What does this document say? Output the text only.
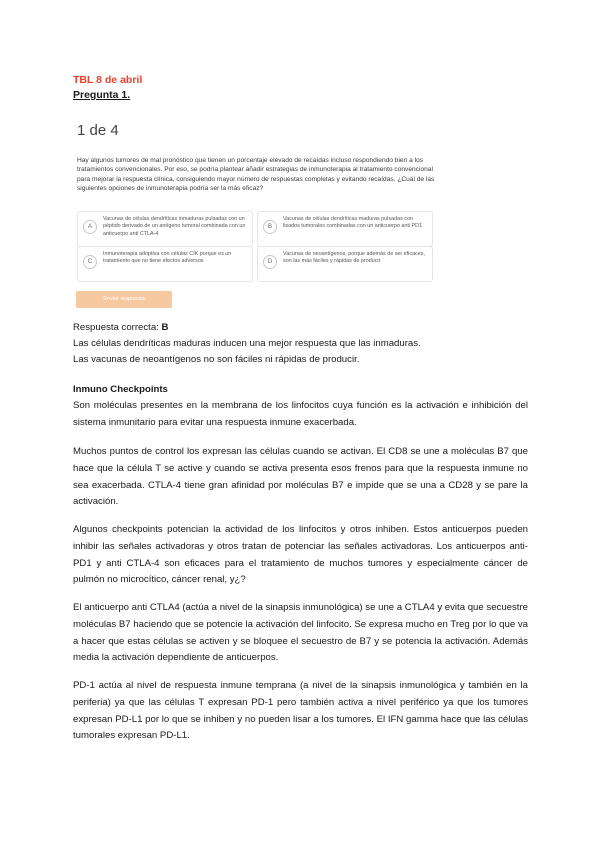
TBL 8 de abril
Pregunta 1.
1 de 4
Hay algunos tumores de mal pronóstico que tienen un porcentaje elevado de recaídas incluso respondiendo bien a los tratamientos convencionales. Por eso, se podría plantear añadir estrategias de inmunoterapia al tratamiento convencional para mejorar la respuesta clínica, consiguiendo mayor número de respuestas completas y evitando recaídas. ¿Cuál de las siguientes opciones de inmunoterapia podría ser la más eficaz?
A
Vacunas de células dendríticas inmaduras pulsadas con un péptido derivado de un antígeno tumoral combinada con un anticuerpo anti CTLA-4
B
Vacunas de células dendríticas maduras pulsadas con lisados tumorales combinadas con un anticuerpo anti PD1
C
Inmunoterapia adoptiva con células CIK porque es un tratamiento que no tiene efectos adversos	D
Vacunas de neoantígenos, porque además de ser eficaces, son las más fáciles y rápidas de producir
Enviar respuesta
Respuesta correcta: B
Las células dendríticas maduras inducen una mejor respuesta que las inmaduras.
Las vacunas de neoantígenos no son fáciles ni rápidas de producir.
Inmuno Checkpoints
Son moléculas presentes en la membrana de los linfocitos cuya función es la activación e inhibición del sistema inmunitario para evitar una respuesta inmune exacerbada.
Muchos puntos de control los expresan las células cuando se activan. El CD8 se une a moléculas B7 que hace que la célula T se active y cuando se activa presenta esos frenos para que la respuesta inmune no sea exacerbada. CTLA-4 tiene gran afinidad por moléculas B7 e impide que se una a CD28 y se pare la activación.
Algunos checkpoints potencian la actividad de los linfocitos y otros inhiben. Estos anticuerpos pueden inhibir las señales activadoras y otros tratan de potenciar las señales activadoras. Los anticuerpos anti-PD1 y anti CTLA-4 son eficaces para el tratamiento de muchos tumores y especialmente cáncer de pulmón no microcítico, cáncer renal, y¿?
El anticuerpo anti CTLA4 (actúa a nivel de la sinapsis inmunológica) se une a CTLA4 y evita que secuestre moléculas B7 haciendo que se potencie la activación del linfocito. Se expresa mucho en Treg por lo que va a hacer que estas células se activen y se bloquee el secuestro de B7 y se potencia la activación. Además media la activación dependiente de anticuerpos.
PD-1 actúa al nivel de respuesta inmune temprana (a nivel de la sinapsis inmunológica y también en la periferia) ya que las células T expresan PD-1 pero también activa a nivel periférico ya que los tumores expresan PD-L1 por lo que se inhiben y no pueden lisar a los tumores. El IFN gamma hace que las células tumorales expresan PD-L1.
